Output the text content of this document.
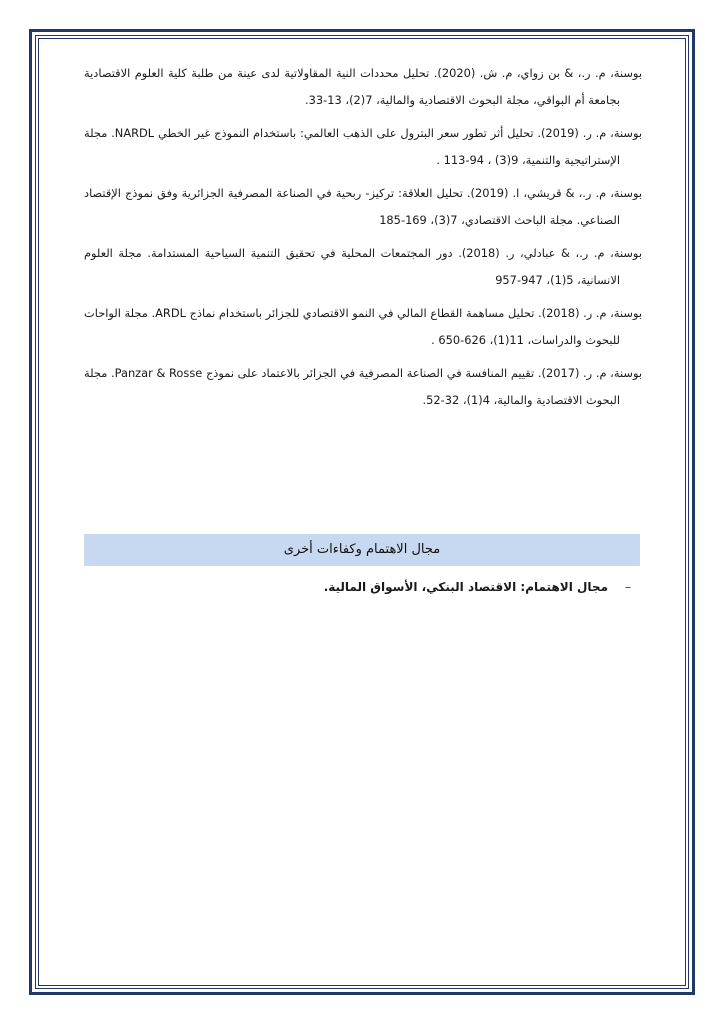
بوسنة، م. ر.، & بن زواي، م. ش. (2020). تحليل محددات النية المقاولاتية لدى عينة من طلبة كلية العلوم الاقتصادية بجامعة أم البواقي، مجلة البحوث الاقتصادية والمالية، 7(2)، 13-33.

بوسنة، م. ر. (2019). تحليل أثر تطور سعر البترول على الذهب العالمي: باستخدام النموذج غير الخطي NARDL. مجلة الإستراتيجية والتنمية، 9(3) ، 94-113 .

بوسنة، م. ر.، & قريشي، ا. (2019). تحليل العلاقة: تركيز- ربحية في الصناعة المصرفية الجزائرية وفق نموذج الإقتصاد الصناعي. مجلة الباحث الاقتصادي، 7(3)، 169-185

بوسنة، م. ر.، & عبادلي، ر. (2018). دور المجتمعات المحلية في تحقيق التنمية السياحية المستدامة. مجلة العلوم الانسانية، 5(1)، 947-957

بوسنة، م. ر. (2018). تحليل مساهمة القطاع المالي في النمو الاقتصادي للجزائر باستخدام نماذج ARDL. مجلة الواحات للبحوث والدراسات، 11(1)، 626-650 .

بوسنة، م. ر. (2017). تقييم المنافسة في الصناعة المصرفية في الجزائر بالاعتماد على نموذج Panzar & Rosse. مجلة البحوث الاقتصادية والمالية، 4(1)، 32-52.

مجال الاهتمام وكفاءات أخرى
–
مجال الاهتمام: الاقتصاد البنكي، الأسواق المالية.
